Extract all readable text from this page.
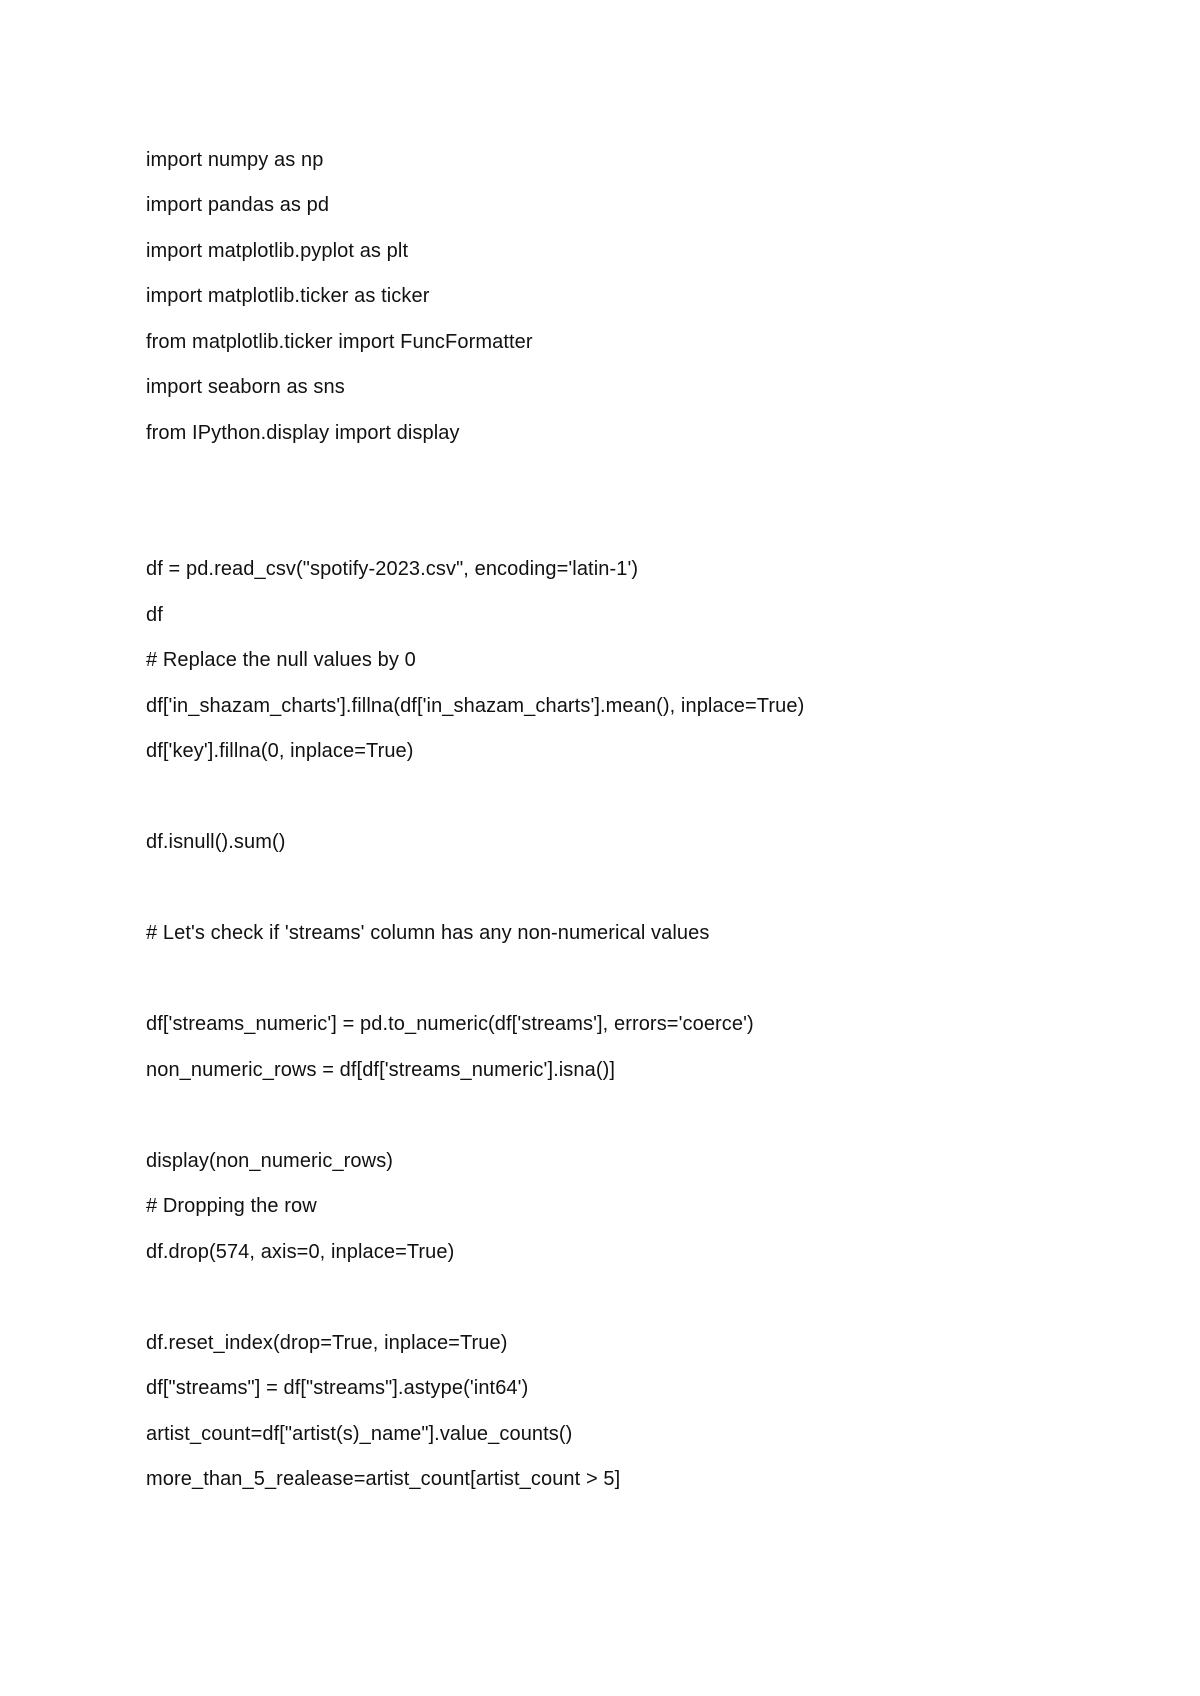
import numpy as np
import pandas as pd
import matplotlib.pyplot as plt
import matplotlib.ticker as ticker
from matplotlib.ticker import FuncFormatter
import seaborn as sns
from IPython.display import display
df = pd.read_csv("spotify-2023.csv", encoding='latin-1')
df
# Replace the null values by 0
df['in_shazam_charts'].fillna(df['in_shazam_charts'].mean(), inplace=True)
df['key'].fillna(0, inplace=True)
df.isnull().sum()
# Let's check if 'streams' column has any non-numerical values
df['streams_numeric'] = pd.to_numeric(df['streams'], errors='coerce')
non_numeric_rows = df[df['streams_numeric'].isna()]
display(non_numeric_rows)
# Dropping the row
df.drop(574, axis=0, inplace=True)
df.reset_index(drop=True, inplace=True)
df["streams"] = df["streams"].astype('int64')
artist_count=df["artist(s)_name"].value_counts()
more_than_5_realease=artist_count[artist_count > 5]
